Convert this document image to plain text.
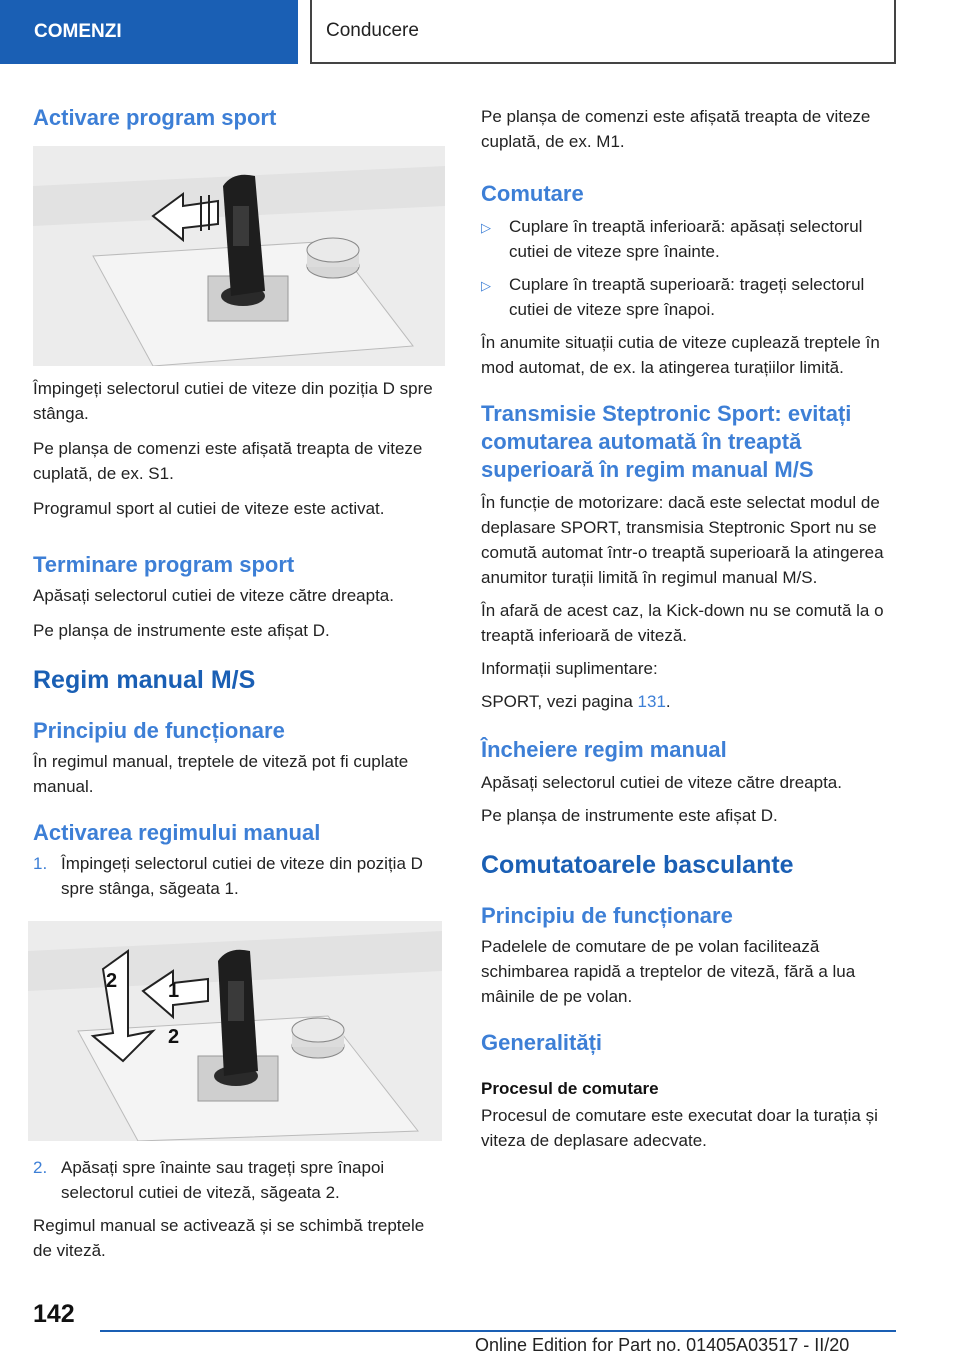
COMENZI	Conducere
Activare program sport

Împingeți selectorul cutiei de viteze din poziția D spre stânga.

Pe planșa de comenzi este afișată treapta de viteze cuplată, de ex. S1.

Programul sport al cutiei de viteze este activat.

Terminare program sport

Apăsați selectorul cutiei de viteze către dreapta.

Pe planșa de instrumente este afișat D.

Regim manual M/S
Principiu de funcționare

În regimul manual, treptele de viteză pot fi cuplate manual.

Activarea regimului manual
1. Împingeți selectorul cutiei de viteze din poziția D spre stânga, săgeata 1.
1
2
2
2. Apăsați spre înainte sau trageți spre înapoi selectorul cutiei de viteză, săgeata 2.

Regimul manual se activează și se schimbă treptele de viteză.

Pe planșa de comenzi este afișată treapta de viteze cuplată, de ex. M1.

Comutare
▷	Cuplare în treaptă inferioară: apăsați selectorul cutiei de viteze spre înainte.
▷	Cuplare în treaptă superioară: trageți selectorul cutiei de viteze spre înapoi.

În anumite situații cutia de viteze cuplează treptele în mod automat, de ex. la atingerea turațiilor limită.

Transmisie Steptronic Sport: evitați comutarea automată în treaptă superioară în regim manual M/S

În funcție de motorizare: dacă este selectat modul de deplasare SPORT, transmisia Steptronic Sport nu se comută automat într-o treaptă superioară la atingerea anumitor turații limită în regimul manual M/S.

În afară de acest caz, la Kick-down nu se comută la o treaptă inferioară de viteză.

Informații suplimentare:

SPORT, vezi pagina 131.

Încheiere regim manual

Apăsați selectorul cutiei de viteze către dreapta.

Pe planșa de instrumente este afișat D.

Comutatoarele basculante
Principiu de funcționare

Padelele de comutare de pe volan facilitează schimbarea rapidă a treptelor de viteză, fără a lua mâinile de pe volan.

Generalități
Procesul de comutare

Procesul de comutare este executat doar la turația și viteza de deplasare adecvate.

142
Online Edition for Part no. 01405A03517 - II/20
